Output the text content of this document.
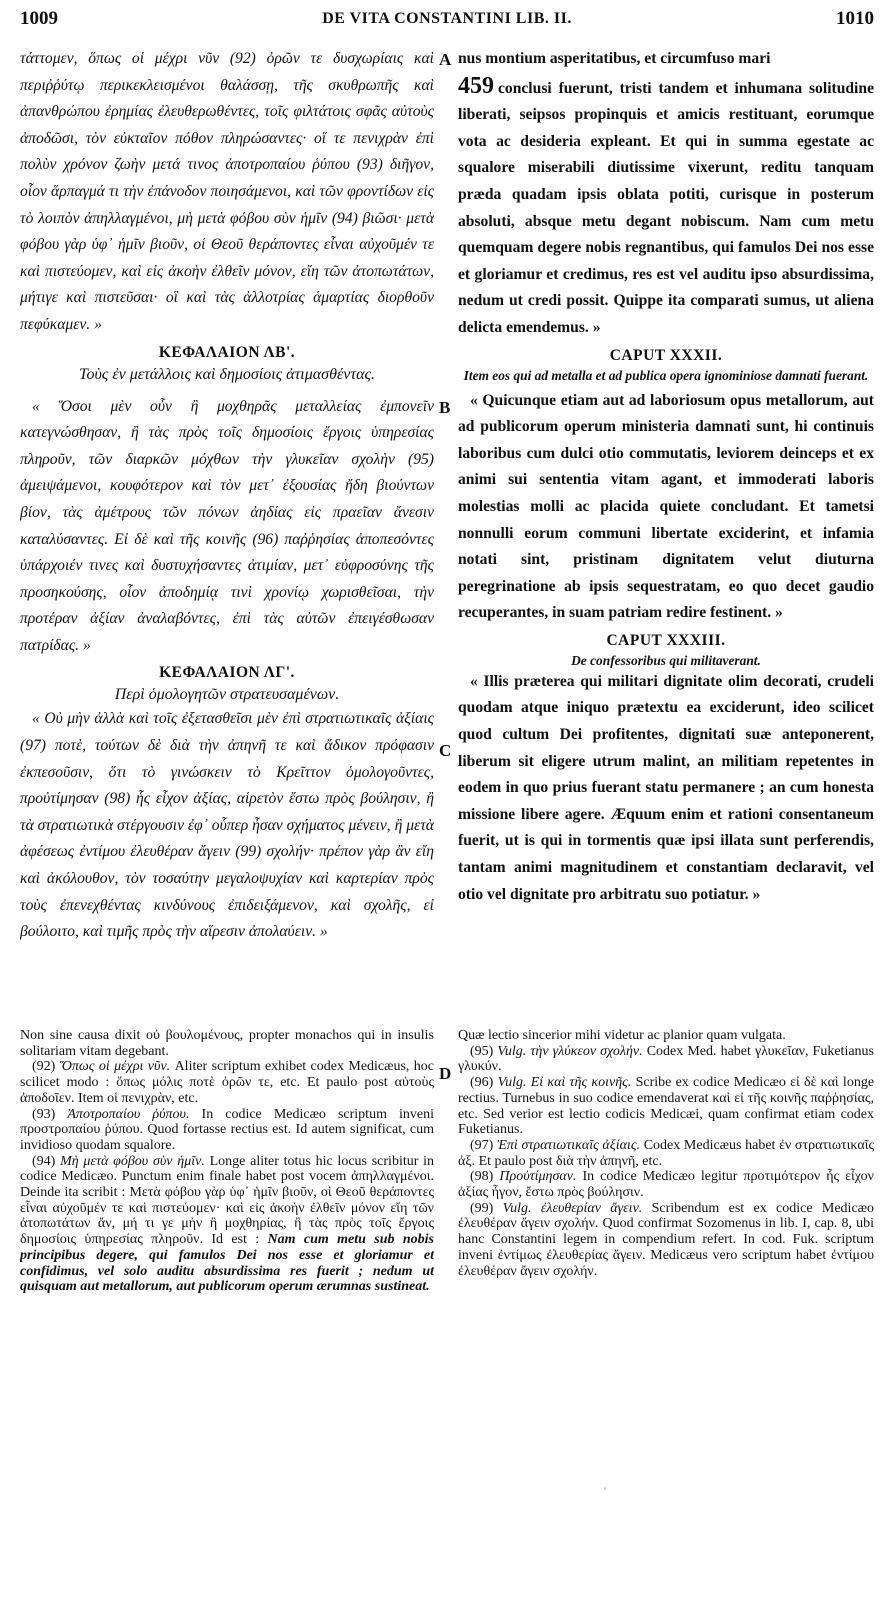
1009	DE VITA CONSTANTINI LIB. II.	1010
A
B
C
D

τάττομεν, ὅπως οἱ μέχρι νῦν (92) ὀρῶν τε δυσχωρίαις καὶ περιῤῥύτῳ περικεκλεισμένοι θαλάσσῃ, τῆς σκυθρωπῆς καὶ ἀπανθρώπου ἐρημίας ἐλευθερωθέντες, τοῖς φιλτάτοις σφᾶς αὐτοὺς ἀποδῶσι, τὸν εὐκταῖον πόθον πληρώσαντες· οἵ τε πενιχρὰν ἐπὶ πολὺν χρόνον ζωὴν μετά τινος ἀποτροπαίου ῥύπου (93) διῆγον, οἷον ἅρπαγμά τι τὴν ἐπάνοδον ποιησάμενοι, καὶ τῶν φροντίδων εἰς τὸ λοιπὸν ἀπηλλαγμένοι, μὴ μετὰ φόβου σὺν ἡμῖν (94) βιῶσι· μετὰ φόβου γὰρ ὑφ᾽ ἡμῖν βιοῦν, οἱ Θεοῦ θεράποντες εἶναι αὐχοῦμέν τε καὶ πιστεύομεν, καὶ εἰς ἀκοὴν ἐλθεῖν μόνον, εἴη τῶν ἀτοπωτάτων, μήτιγε καὶ πιστεῦσαι· οἳ καὶ τὰς ἀλλοτρίας ἁμαρτίας διορθοῦν πεφύκαμεν. »

ΚΕΦΑΛΑΙΟΝ ΛΒ'.

Τοὺς ἐν μετάλλοις καὶ δημοσίοις ἀτιμασθέντας.

« Ὅσοι μὲν οὖν ἢ μοχθηρᾶς μεταλλείας ἐμπονεῖν κατεγνώσθησαν, ἢ τὰς πρὸς τοῖς δημοσίοις ἔργοις ὑπηρεσίας πληροῦν, τῶν διαρκῶν μόχθων τὴν γλυκεῖαν σχολὴν (95) ἀμειψάμενοι, κουφότερον καὶ τὸν μετ᾽ ἐξουσίας ἤδη βιούντων βίον, τὰς ἀμέτρους τῶν πόνων ἀηδίας εἰς πραεῖαν ἄνεσιν καταλύσαντες. Εἰ δὲ καὶ τῆς κοινῆς (96) παῤῥησίας ἀποπεσόντες ὑπάρχοιέν τινες καὶ δυστυχήσαντες ἀτιμίαν, μετ᾽ εὐφροσύνης τῆς προσηκούσης, οἷον ἀποδημίᾳ τινὶ χρονίῳ χωρισθεῖσαι, τὴν προτέραν ἀξίαν ἀναλαβόντες, ἐπὶ τὰς αὐτῶν ἐπειγέσθωσαν πατρίδας. »

ΚΕΦΑΛΑΙΟΝ ΛΓ'.

Περὶ ὁμολογητῶν στρατευσαμένων.

« Οὐ μὴν ἀλλὰ καὶ τοῖς ἐξετασθεῖσι μὲν ἐπὶ στρατιωτικαῖς ἀξίαις (97) ποτὲ, τούτων δὲ διὰ τὴν ἀπηνῆ τε καὶ ἄδικον πρόφασιν ἐκπεσοῦσιν, ὅτι τὸ γινώσκειν τὸ Κρεῖττον ὁμολογοῦντες, προὐτίμησαν (98) ἧς εἶχον ἀξίας, αἱρετὸν ἔστω πρὸς βούλησιν, ἢ τὰ στρατιωτικὰ στέργουσιν ἐφ᾽ οὗπερ ἦσαν σχήματος μένειν, ἢ μετὰ ἀφέσεως ἐντίμου ἐλευθέραν ἄγειν (99) σχολήν· πρέπον γὰρ ἂν εἴη καὶ ἀκόλουθον, τὸν τοσαύτην μεγαλοψυχίαν καὶ καρτερίαν πρὸς τοὺς ἐπενεχθέντας κινδύνους ἐπιδειξάμενον, καὶ σχολῆς, εἰ βούλοιτο, καὶ τιμῆς πρὸς τὴν αἵρεσιν ἀπολαύειν. »

nus montium asperitatibus, et circumfuso mari

459 conclusi fuerunt, tristi tandem et inhumana solitudine liberati, seipsos propinquis et amicis restituant, eorumque vota ac desideria expleant. Et qui in summa egestate ac squalore miserabili diutissime vixerunt, reditu tanquam præda quadam ipsis oblata potiti, curisque in posterum absoluti, absque metu degant nobiscum. Nam cum metu quemquam degere nobis regnantibus, qui famulos Dei nos esse et gloriamur et credimus, res est vel auditu ipso absurdissima, nedum ut credi possit. Quippe ita comparati sumus, ut aliena delicta emendemus. »

CAPUT XXXII.

Item eos qui ad metalla et ad publica opera ignominiose damnati fuerant.

« Quicunque etiam aut ad laboriosum opus metallorum, aut ad publicorum operum ministeria damnati sunt, hi continuis laboribus cum dulci otio commutatis, leviorem deinceps et ex animi sui sententia vitam agant, et immoderati laboris molestias molli ac placida quiete concludant. Et tametsi nonnulli eorum communi libertate exciderint, et infamia notati sint, pristinam dignitatem velut diuturna peregrinatione ab ipsis sequestratam, eo quo decet gaudio recuperantes, in suam patriam redire festinent. »

CAPUT XXXIII.

De confessoribus qui militaverant.

« Illis præterea qui militari dignitate olim decorati, crudeli quodam atque iniquo prætextu ea exciderunt, ideo scilicet quod cultum Dei profitentes, dignitati suæ anteponerent, liberum sit eligere utrum malint, an militiam repetentes in eodem in quo prius fuerant statu permanere ; an cum honesta missione libere agere. Æquum enim et rationi consentaneum fuerit, ut is qui in tormentis quæ ipsi illata sunt perferendis, tantam animi magnitudinem et constantiam declaravit, vel otio vel dignitate pro arbitratu suo potiatur. »

Non sine causa dixit οὐ βουλομένους, propter monachos qui in insulis solitariam vitam degebant.

(92) Ὅπως οἱ μέχρι νῦν. Aliter scriptum exhibet codex Medicæus, hoc scilicet modo : ὅπως μόλις ποτὲ ὀρῶν τε, etc. Et paulo post αὐτοὺς ἀποδοῖεν. Item οἱ πενιχρὰν, etc.

(93) Ἀποτροπαίου ῥύπου. In codice Medicæo scriptum inveni προστροπαίου ῥύπου. Quod fortasse rectius est. Id autem significat, cum invidioso quodam squalore.

(94) Μὴ μετὰ φόβου σὺν ἡμῖν. Longe aliter totus hic locus scribitur in codice Medicæo. Punctum enim finale habet post vocem ἀπηλλαγμένοι. Deinde ita scribit : Μετὰ φόβου γὰρ ὑφ᾽ ἡμῖν βιοῦν, οἱ Θεοῦ θεράποντες εἶναι αὐχοῦμέν τε καὶ πιστεύομεν· καὶ εἰς ἀκοὴν ἐλθεῖν μόνον εἴη τῶν ἀτοπωτάτων ἄν, μή τι γε μὴν ἢ μοχθηρίας, ἢ τὰς πρὸς τοῖς ἔργοις δημοσίοις ὑπηρεσίας πληροῦν. Id est : Nam cum metu sub nobis principibus degere, qui famulos Dei nos esse et gloriamur et confidimus, vel solo auditu absurdissima res fuerit ; nedum ut quisquam aut metallorum, aut publicorum operum ærumnas sustineat.

Quæ lectio sincerior mihi videtur ac planior quam vulgata.

(95) Vulg. τὴν γλύκεον σχολήν. Codex Med. habet γλυκεῖαν, Fuketianus γλυκύν.

(96) Vulg. Εἰ καὶ τῆς κοινῆς. Scribe ex codice Medicæo εἰ δὲ καὶ longe rectius. Turnebus in suo codice emendaverat καὶ εἰ τῆς κοινῆς παῤῥησίας, etc. Sed verior est lectio codicis Medicæi, quam confirmat etiam codex Fuketianus.

(97) Ἐπὶ στρατιωτικαῖς ἀξίαις. Codex Medicæus habet ἐν στρατιωτικαῖς ἀξ. Et paulo post διὰ τὴν ἀπηνῆ, etc.

(98) Προὐτίμησαν. In codice Medicæo legitur προτιμότερον ἧς εἶχον ἀξίας ἦγον, ἔστω πρὸς βούλησιν.

(99) Vulg. ἐλευθερίαν ἄγειν. Scribendum est ex codice Medicæo ἐλευθέραν ἄγειν σχολήν. Quod confirmat Sozomenus in lib. I, cap. 8, ubi hanc Constantini legem in compendium refert. In cod. Fuk. scriptum inveni ἐντίμως ἐλευθερίας ἄγειν. Medicæus vero scriptum habet ἐντίμου ἐλευθέραν ἄγειν σχολήν.

ˈ
